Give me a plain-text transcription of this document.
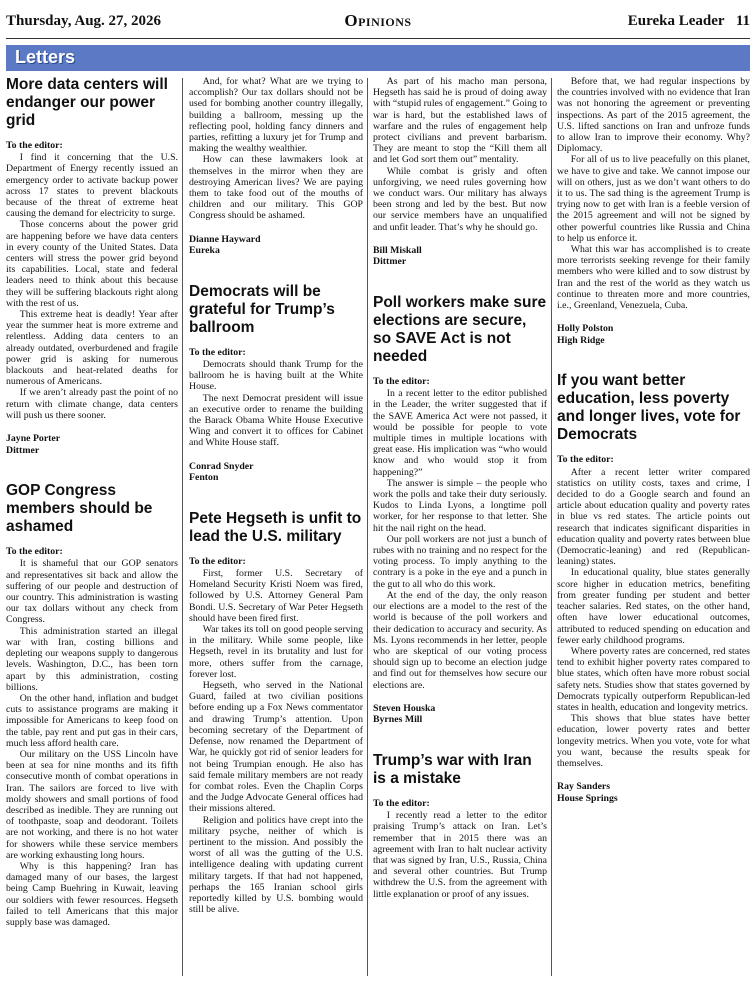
Thursday, Aug. 27, 2026	Opinions	Eureka Leader 11
Letters
More data centers will endanger our power grid
To the editor:

I find it concerning that the U.S. Department of Energy recently issued an emergency order to activate backup power across 17 states to prevent blackouts because of the threat of extreme heat causing the demand for electricity to surge.

Those concerns about the power grid are happening before we have data centers in every county of the United States. Data centers will stress the power grid beyond its capabilities. Local, state and federal leaders need to think about this because they will be suffering blackouts right along with the rest of us.

This extreme heat is deadly! Year after year the summer heat is more extreme and relentless. Adding data centers to an already outdated, overburdened and fragile power grid is asking for numerous blackouts and heat-related deaths for numerous of Americans.

If we aren’t already past the point of no return with climate change, data centers will push us there sooner.

Jayne Porter
Dittmer
GOP Congress members should be ashamed
To the editor:

It is shameful that our GOP senators and representatives sit back and allow the suffering of our people and destruction of our country. This administration is wasting our tax dollars without any check from Congress.

This administration started an illegal war with Iran, costing billions and depleting our weapons supply to dangerous levels. Washington, D.C., has been torn apart by this administration, costing billions.

On the other hand, inflation and budget cuts to assistance programs are making it impossible for Americans to keep food on the table, pay rent and put gas in their cars, much less afford health care.

Our military on the USS Lincoln have been at sea for nine months and its fifth consecutive month of combat operations in Iran. The sailors are forced to live with moldy showers and small portions of food described as inedible. They are running out of toothpaste, soap and deodorant. Toilets are not working, and there is no hot water for showers while these service members are working exhausting long hours.

Why is this happening? Iran has damaged many of our bases, the largest being Camp Buehring in Kuwait, leaving our soldiers with fewer resources. Hegseth failed to tell Americans that this major supply base was damaged.

And, for what? What are we trying to accomplish? Our tax dollars should not be used for bombing another country illegally, building a ballroom, messing up the reflecting pool, holding fancy dinners and parties, refitting a luxury jet for Trump and making the wealthy wealthier.

How can these lawmakers look at themselves in the mirror when they are destroying American lives? We are paying them to take food out of the mouths of children and our military. This GOP Congress should be ashamed.

Dianne Hayward
Eureka
Democrats will be grateful for Trump’s ballroom
To the editor:

Democrats should thank Trump for the ballroom he is having built at the White House.

The next Democrat president will issue an executive order to rename the building the Barack Obama White House Executive Wing and convert it to offices for Cabinet and White House staff.

Conrad Snyder
Fenton
Pete Hegseth is unfit to lead the U.S. military
To the editor:

First, former U.S. Secretary of Homeland Security Kristi Noem was fired, followed by U.S. Attorney General Pam Bondi. U.S. Secretary of War Peter Hegseth should have been fired first.

War takes its toll on good people serving in the military. While some people, like Hegseth, revel in its brutality and lust for more, others suffer from the carnage, forever lost.

Hegseth, who served in the National Guard, failed at two civilian positions before ending up a Fox News commentator and drawing Trump’s attention. Upon becoming secretary of the Department of Defense, now renamed the Department of War, he quickly got rid of senior leaders for not being Trumpian enough. He also has said female military members are not ready for combat roles. Even the Chaplin Corps and the Judge Advocate General offices had their missions altered.

Religion and politics have crept into the military psyche, neither of which is pertinent to the mission. And possibly the worst of all was the gutting of the U.S. intelligence dealing with updating current military targets. If that had not happened, perhaps the 165 Iranian school girls reportedly killed by U.S. bombing would still be alive.

As part of his macho man persona, Hegseth has said he is proud of doing away with “stupid rules of engagement.” Going to war is hard, but the established laws of warfare and the rules of engagement help protect civilians and prevent barbarism. They are meant to stop the “Kill them all and let God sort them out” mentality.

While combat is grisly and often unforgiving, we need rules governing how we conduct wars. Our military has always been strong and led by the best. But now our service members have an unqualified and unfit leader. That’s why he should go.

Bill Miskall
Dittmer
Poll workers make sure elections are secure, so SAVE Act is not needed
To the editor:

In a recent letter to the editor published in the Leader, the writer suggested that if the SAVE America Act were not passed, it would be possible for people to vote multiple times in multiple locations with great ease. His implication was “who would know and who would stop it from happening?”

The answer is simple – the people who work the polls and take their duty seriously. Kudos to Linda Lyons, a longtime poll worker, for her response to that letter. She hit the nail right on the head.

Our poll workers are not just a bunch of rubes with no training and no respect for the voting process. To imply anything to the contrary is a poke in the eye and a punch in the gut to all who do this work.

At the end of the day, the only reason our elections are a model to the rest of the world is because of the poll workers and their dedication to accuracy and security. As Ms. Lyons recommends in her letter, people who are skeptical of our voting process should sign up to become an election judge and find out for themselves how secure our elections are.

Steven Houska
Byrnes Mill
Trump’s war with Iran is a mistake
To the editor:

I recently read a letter to the editor praising Trump’s attack on Iran. Let’s remember that in 2015 there was an agreement with Iran to halt nuclear activity that was signed by Iran, U.S., Russia, China and several other countries. But Trump withdrew the U.S. from the agreement with little explanation or proof of any issues.

Before that, we had regular inspections by the countries involved with no evidence that Iran was not honoring the agreement or preventing inspections. As part of the 2015 agreement, the U.S. lifted sanctions on Iran and unfroze funds to allow Iran to improve their economy. Why? Diplomacy.

For all of us to live peacefully on this planet, we have to give and take. We cannot impose our will on others, just as we don’t want others to do it to us. The sad thing is the agreement Trump is trying now to get with Iran is a feeble version of the 2015 agreement and will not be signed by other powerful countries like Russia and China to help us enforce it.

What this war has accomplished is to create more terrorists seeking revenge for their family members who were killed and to sow distrust by Iran and the rest of the world as they watch us continue to threaten more and more countries, i.e., Greenland, Venezuela, Cuba.

Holly Polston
High Ridge
If you want better education, less poverty and longer lives, vote for Democrats
To the editor:

After a recent letter writer compared statistics on utility costs, taxes and crime, I decided to do a Google search and found an article about education quality and poverty rates in blue vs red states. The article points out research that indicates significant disparities in education quality and poverty rates between blue (Democratic-leaning) and red (Republican-leaning) states.

In educational quality, blue states generally score higher in education metrics, benefiting from greater funding per student and better teacher salaries. Red states, on the other hand, often have lower educational outcomes, attributed to reduced spending on education and fewer early childhood programs.

Where poverty rates are concerned, red states tend to exhibit higher poverty rates compared to blue states, which often have more robust social safety nets. Studies show that states governed by Democrats typically outperform Republican-led states in health, education and longevity metrics.

This shows that blue states have better education, lower poverty rates and better longevity metrics. When you vote, vote for what you want, because the results speak for themselves.

Ray Sanders
House Springs
